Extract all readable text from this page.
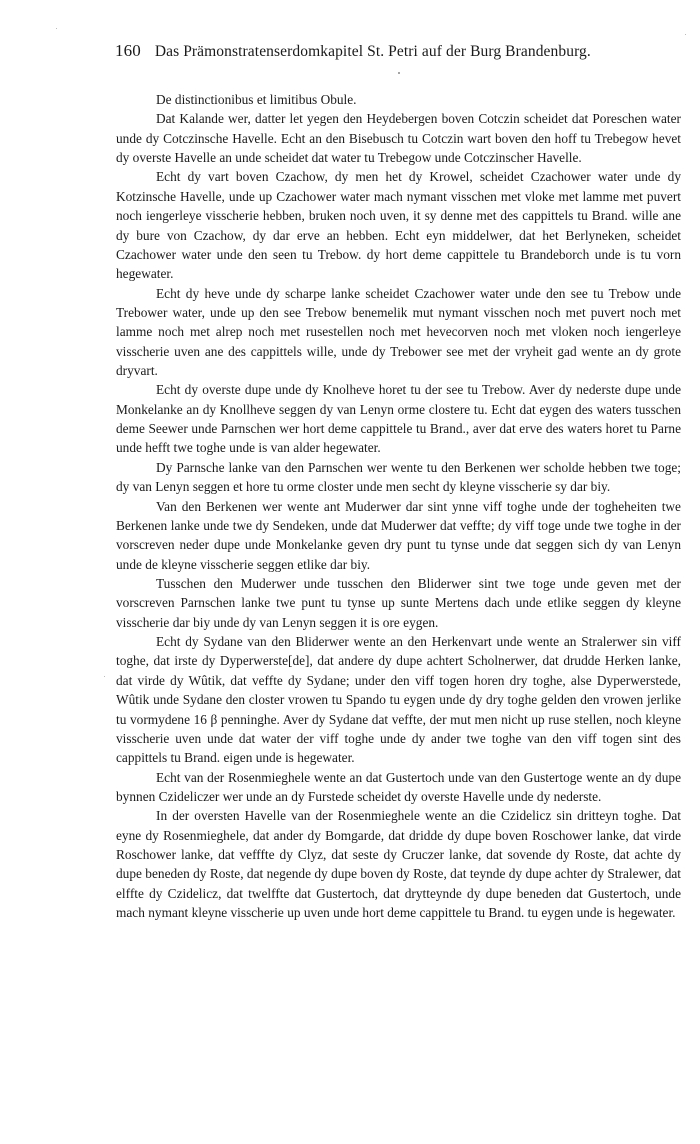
160 Das Prämonstratenserdomkapitel St. Petri auf der Burg Brandenburg.

De distinctionibus et limitibus Obule.

Dat Kalande wer, datter let yegen den Heydebergen boven Cotczin scheidet dat Poreschen water unde dy Cotczinsche Havelle. Echt an den Bisebusch tu Cotczin wart boven den hoff tu Trebegow hevet dy overste Havelle an unde scheidet dat water tu Trebegow unde Cotczinscher Havelle.

Echt dy vart boven Czachow, dy men het dy Krowel, scheidet Czachower water unde dy Kotzinsche Havelle, unde up Czachower water mach nymant visschen met vloke met lamme met puvert noch iengerleye visscherie hebben, bruken noch uven, it sy denne met des cappittels tu Brand. wille ane dy bure von Czachow, dy dar erve an hebben. Echt eyn middelwer, dat het Berlyneken, scheidet Czachower water unde den seen tu Trebow. dy hort deme cappittele tu Brandeborch unde is tu vorn hegewater.

Echt dy heve unde dy scharpe lanke scheidet Czachower water unde den see tu Trebow unde Trebower water, unde up den see Trebow benemelik mut nymant visschen noch met puvert noch met lamme noch met alrep noch met rusestellen noch met hevecorven noch met vloken noch iengerleye visscherie uven ane des cappittels wille, unde dy Trebower see met der vryheit gad wente an dy grote dryvart.

Echt dy overste dupe unde dy Knolheve horet tu der see tu Trebow. Aver dy nederste dupe unde Monkelanke an dy Knollheve seggen dy van Lenyn orme clostere tu. Echt dat eygen des waters tusschen deme Seewer unde Parnschen wer hort deme cappittele tu Brand., aver dat erve des waters horet tu Parne unde hefft twe toghe unde is van alder hegewater.

Dy Parnsche lanke van den Parnschen wer wente tu den Berkenen wer scholde hebben twe toge; dy van Lenyn seggen et hore tu orme closter unde men secht dy kleyne visscherie sy dar biy.

Van den Berkenen wer wente ant Muderwer dar sint ynne viff toghe unde der togheheiten twe Berkenen lanke unde twe dy Sendeken, unde dat Muderwer dat veffte; dy viff toge unde twe toghe in der vorscreven neder dupe unde Monkelanke geven dry punt tu tynse unde dat seggen sich dy van Lenyn unde de kleyne visscherie seggen etlike dar biy.

Tusschen den Muderwer unde tusschen den Bliderwer sint twe toge unde geven met der vorscreven Parnschen lanke twe punt tu tynse up sunte Mertens dach unde etlike seggen dy kleyne visscherie dar biy unde dy van Lenyn seggen it is ore eygen.

Echt dy Sydane van den Bliderwer wente an den Herkenvart unde wente an Stralerwer sin viff toghe, dat irste dy Dyperwerste[de], dat andere dy dupe achtert Scholnerwer, dat drudde Herken lanke, dat virde dy Wûtik, dat veffte dy Sydane; under den viff togen horen dry toghe, alse Dyperwerstede, Wûtik unde Sydane den closter vrowen tu Spando tu eygen unde dy dry toghe gelden den vrowen jerlike tu vormydene 16 β penninghe. Aver dy Sydane dat veffte, der mut men nicht up ruse stellen, noch kleyne visscherie uven unde dat water der viff toghe unde dy ander twe toghe van den viff togen sint des cappittels tu Brand. eigen unde is hegewater.

Echt van der Rosenmieghele wente an dat Gustertoch unde van den Gustertoge wente an dy dupe bynnen Czideliczer wer unde an dy Furstede scheidet dy overste Havelle unde dy nederste.

In der oversten Havelle van der Rosenmieghele wente an die Czidelicz sin dritteyn toghe. Dat eyne dy Rosenmieghele, dat ander dy Bomgarde, dat dridde dy dupe boven Roschower lanke, dat virde Roschower lanke, dat vefffte dy Clyz, dat seste dy Cruczer lanke, dat sovende dy Roste, dat achte dy dupe beneden dy Roste, dat negende dy dupe boven dy Roste, dat teynde dy dupe achter dy Stralewer, dat elffte dy Czidelicz, dat twelffte dat Gustertoch, dat drytteynde dy dupe beneden dat Gustertoch, unde mach nymant kleyne visscherie up uven unde hort deme cappittele tu Brand. tu eygen unde is hegewater.
